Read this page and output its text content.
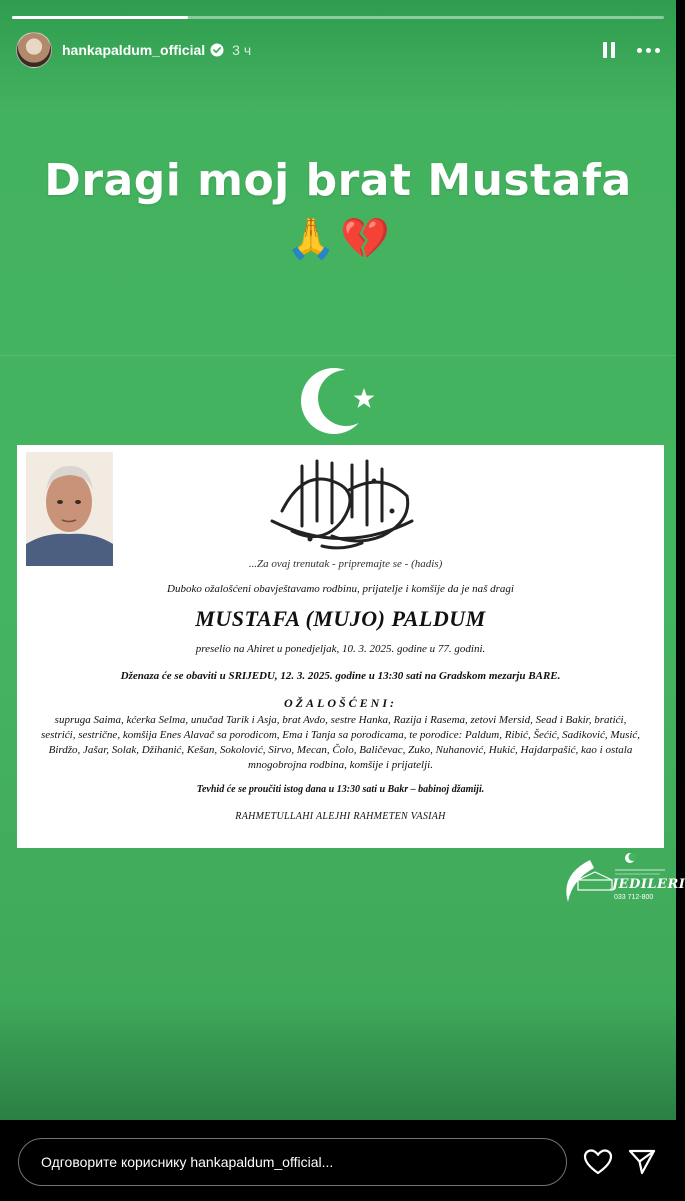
hankapaldum_official 3 ч
Dragi moj brat Mustafa
🙏 💔
...Za ovaj trenutak - pripremajte se - (hadis)
Duboko ožalošćeni obavještavamo rodbinu, prijatelje i komšije da je naš dragi
MUSTAFA (MUJO) PALDUM
preselio na Ahiret u ponedjeljak, 10. 3. 2025. godine u 77. godini.
Dženaza će se obaviti u SRIJEDU, 12. 3. 2025. godine u 13:30 sati na Gradskom mezarju BARE.
OŽALOŠĆENI:
supruga Saima, kćerka Selma, unučad Tarik i Asja, brat Avdo, sestre Hanka, Razija i Rasema, zetovi Mersid, Sead i Bakir, bratići, sestrići, sestrične, komšija Enes Alavač sa porodicom, Ema i Tanja sa porodicama, te porodice: Paldum, Ribić, Šećić, Sadiković, Musić, Birdžo, Jašar, Solak, Džihanić, Kešan, Sokolović, Sirvo, Mecan, Čolo, Baličevac, Zuko, Nuhanović, Hukić, Hajdarpašić, kao i ostala mnogobrojna rodbina, komšije i prijatelji.
Tevhid će se proučiti istog dana u 13:30 sati u Bakr – babinoj džamiji.
RAHMETULLAHI ALEJHI RAHMETEN VASIAH
JEDILERI
033 712-800
Одговорите кориснику hankapaldum_official...
